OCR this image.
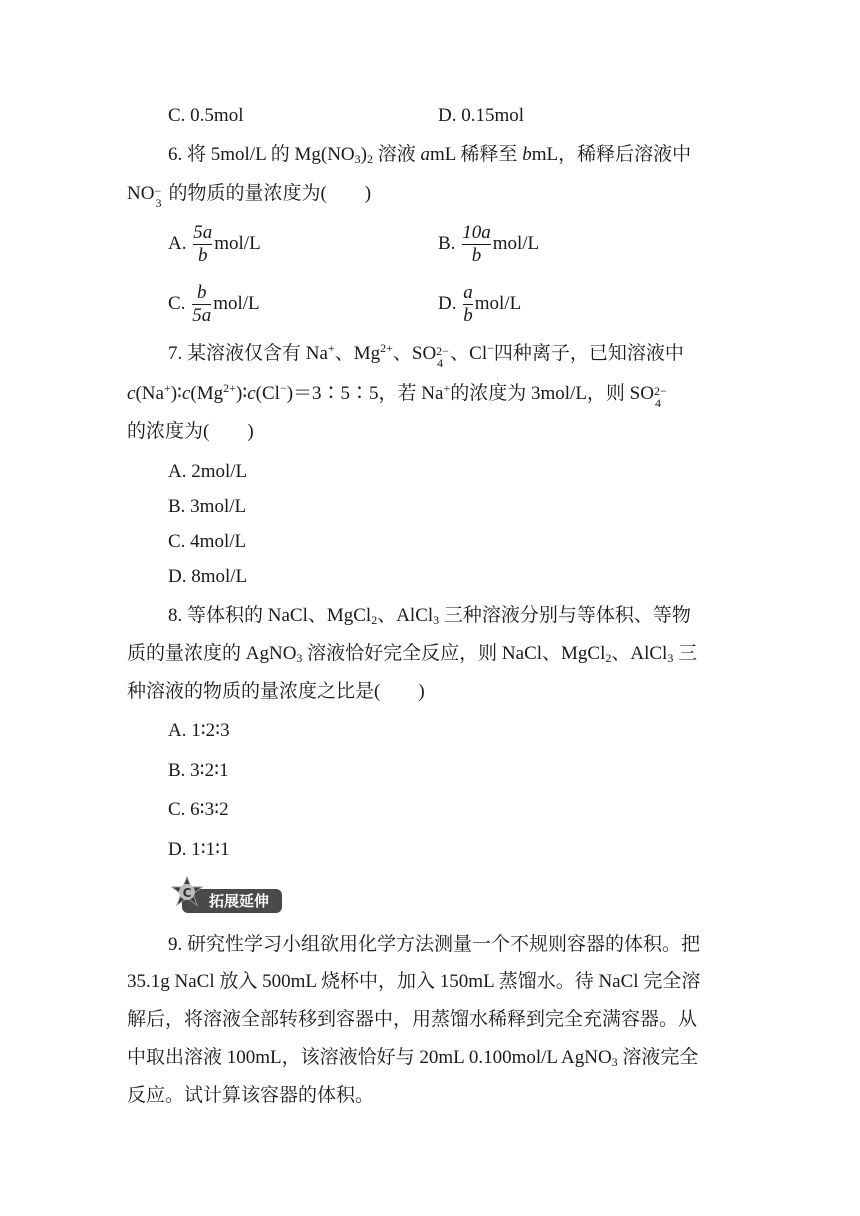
C. 0.5mol	D. 0.15mol
6. 将 5mol/L 的 $Mg(NO_3)_2$ 溶液 amL 稀释至 bmL，稀释后溶液中
NO −
3 的物质的量浓度为(　　)
A. $\frac{5a}{b} mol/L$	B. $\frac{10a}{b} mol/L$
C. $\frac{b}{5a} mol/L$	D. $\frac{a}{b} mol/L$
7. 某溶液仅含有 Na+、$Mg^{2+}$、SO 2−
4 、Cl−四种离子，已知溶液中
$c(Na^+)∶c(Mg^{2+})∶c(Cl^-)=3∶5∶5$，若 Na+的浓度为 3mol/L，则 SO 2−
4
的浓度为(　　)
A. 2mol/L
B. 3mol/L
C. 4mol/L
D. 8mol/L
8. 等体积的 NaCl、MgCl$_2$、AlCl$_3$ 三种溶液分别与等体积、等物
质的量浓度的 AgNO$_3$ 溶液恰好完全反应，则 NaCl、MgCl$_2$、AlCl$_3$ 三
种溶液的物质的量浓度之比是(　　)
A. 1∶2∶3
B. 3∶2∶1
C. 6∶3∶2
D. 1∶1∶1
拓展延伸
C
9. 研究性学习小组欲用化学方法测量一个不规则容器的体积。把
35.1g NaCl 放入 500mL 烧杯中，加入 150mL 蒸馏水。待 NaCl 完全溶
解后，将溶液全部转移到容器中，用蒸馏水稀释到完全充满容器。从
中取出溶液 100mL，该溶液恰好与 20mL 0.100mol/L AgNO$_3$ 溶液完全
反应。试计算该容器的体积。
